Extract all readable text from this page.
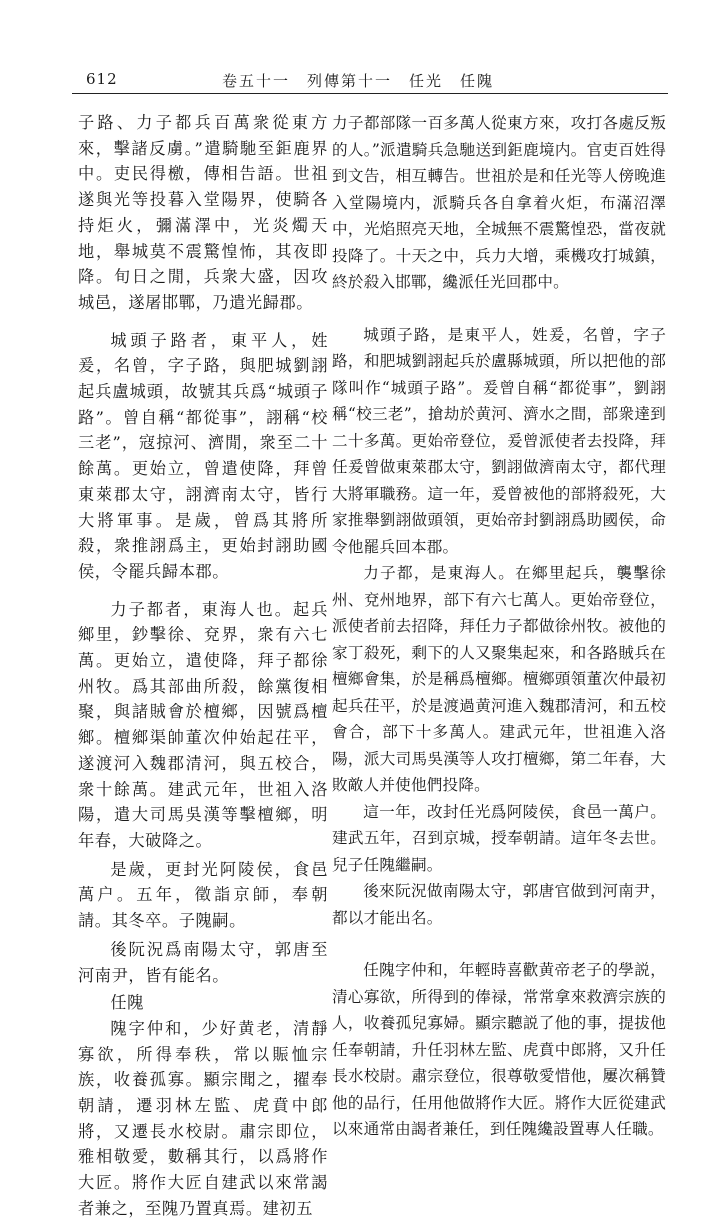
612	卷五十一　列傳第十一　任光　任隗

子路、力子都兵百萬衆從東方來，擊諸反虜。”遣騎馳至鉅鹿界中。吏民得檄，傳相告語。世祖遂與光等投暮入堂陽界，使騎各持炬火，彌滿澤中，光炎燭天地，舉城莫不震驚惶怖，其夜即降。旬日之閒，兵衆大盛，因攻城邑，遂屠邯鄲，乃遣光歸郡。

城頭子路者，東平人，姓爰，名曾，字子路，與肥城劉詡起兵盧城頭，故號其兵爲“城頭子路”。曾自稱“都從事”，詡稱“校三老”，寇掠河、濟閒，衆至二十餘萬。更始立，曾遣使降，拜曾東萊郡太守，詡濟南太守，皆行大將軍事。是歲，曾爲其將所殺，衆推詡爲主，更始封詡助國侯，令罷兵歸本郡。

力子都者，東海人也。起兵鄉里，鈔擊徐、兗界，衆有六七萬。更始立，遣使降，拜子都徐州牧。爲其部曲所殺，餘黨復相聚，與諸賊會於檀鄉，因號爲檀鄉。檀鄉渠帥董次仲始起茌平，遂渡河入魏郡清河，與五校合，衆十餘萬。建武元年，世祖入洛陽，遣大司馬吳漢等擊檀鄉，明年春，大破降之。

是歲，更封光阿陵侯，食邑萬户。五年，徵詣京師，奉朝請。其冬卒。子隗嗣。

後阮況爲南陽太守，郭唐至河南尹，皆有能名。

任隗

隗字仲和，少好黄老，清靜寡欲，所得奉秩，常以賑恤宗族，收養孤寡。顯宗聞之，擢奉朝請，遷羽林左監、虎賁中郎將，又遷長水校尉。肅宗即位，雅相敬愛，數稱其行，以爲將作大匠。將作大匠自建武以來常謁者兼之，至隗乃置真焉。建初五

力子都部隊一百多萬人從東方來，攻打各處反叛的人。”派遣騎兵急馳送到鉅鹿境内。官吏百姓得到文告，相互轉告。世祖於是和任光等人傍晚進入堂陽境内，派騎兵各自拿着火炬，布滿沼澤中，光焰照亮天地，全城無不震驚惶恐，當夜就投降了。十天之中，兵力大增，乘機攻打城鎮，終於殺入邯鄲，纔派任光回郡中。

城頭子路，是東平人，姓爰，名曾，字子路，和肥城劉詡起兵於盧縣城頭，所以把他的部隊叫作“城頭子路”。爰曾自稱“都從事”，劉詡稱“校三老”，搶劫於黄河、濟水之間，部衆達到二十多萬。更始帝登位，爰曾派使者去投降，拜任爰曾做東萊郡太守，劉詡做濟南太守，都代理大將軍職務。這一年，爰曾被他的部將殺死，大家推舉劉詡做頭領，更始帝封劉詡爲助國侯，命令他罷兵回本郡。

力子都，是東海人。在鄉里起兵，襲擊徐州、兗州地界，部下有六七萬人。更始帝登位，派使者前去招降，拜任力子都做徐州牧。被他的家丁殺死，剩下的人又聚集起來，和各路賊兵在檀鄉會集，於是稱爲檀鄉。檀鄉頭領董次仲最初起兵茌平，於是渡過黄河進入魏郡清河，和五校會合，部下十多萬人。建武元年，世祖進入洛陽，派大司馬吳漢等人攻打檀鄉，第二年春，大敗敵人并使他們投降。

這一年，改封任光爲阿陵侯，食邑一萬户。建武五年，召到京城，授奉朝請。這年冬去世。兒子任隗繼嗣。

後來阮況做南陽太守，郭唐官做到河南尹，都以才能出名。

任隗字仲和，年輕時喜歡黄帝老子的學説，清心寡欲，所得到的俸禄，常常拿來救濟宗族的人，收養孤兒寡婦。顯宗聽説了他的事，提拔他任奉朝請，升任羽林左監、虎賁中郎將，又升任長水校尉。肅宗登位，很尊敬愛惜他，屢次稱贊他的品行，任用他做將作大匠。將作大匠從建武以來通常由謁者兼任，到任隗纔設置專人任職。
